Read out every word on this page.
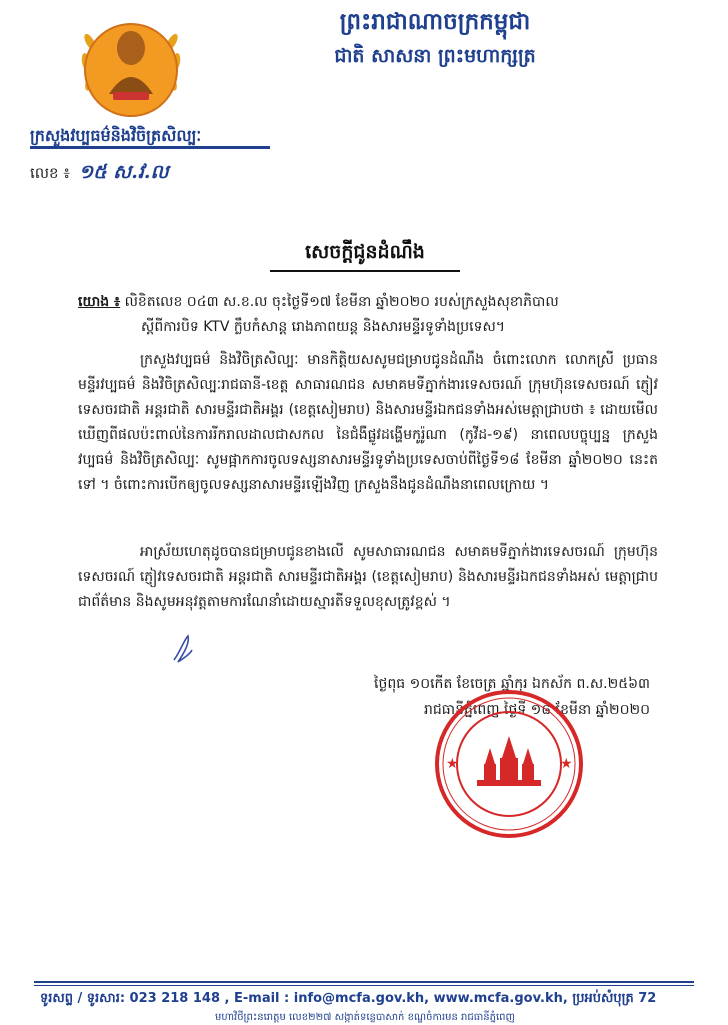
ព្រះរាជាណាចក្រកម្ពុជា
ជាតិ សាសនា ព្រះមហាក្សត្រ
ក្រសួងវប្បធម៌និងវិចិត្រសិល្បៈ
លេខ ៖ ១៥ ស.វ.ល
សេចក្តីជូនដំណឹង
យោង ៖ លិខិតលេខ ០៤៣ ស.ខ.ល ចុះថ្ងៃទី១៧ ខែមីនា ឆ្នាំ២០២០ របស់ក្រសួងសុខាភិបាល
ស្តីពីការបិទ KTV ក្លឹបកំសាន្ត រោងភាពយន្ត និងសារមន្ទីរទូទាំងប្រទេស។
ក្រសួងវប្បធម៌ និងវិចិត្រសិល្បៈ មានកិត្តិយសសូមជម្រាបជូនដំណឹង ចំពោះលោក លោកស្រី ប្រធានមន្ទីរវប្បធម៌ និងវិចិត្រសិល្បៈរាជធានី-ខេត្ត សាធារណជន សមាគមទីភ្នាក់ងារទេសចរណ៍ ក្រុមហ៊ុនទេសចរណ៍ ភ្ញៀវទេសចរជាតិ អន្តរជាតិ សារមន្ទីរជាតិអង្គរ (ខេត្តសៀមរាប) និងសារមន្ទីរឯកជនទាំងអស់មេត្តាជ្រាបថា ៖ ដោយមើលឃើញពីផលប៉ះពាល់នៃការរីករាលដាលជាសកល នៃជំងឺផ្លូវដង្ហើមកូរ៉ូណា (កូវីដ-១៩) នាពេលបច្ចុប្បន្ន ក្រសួងវប្បធម៌ និងវិចិត្រសិល្បៈ សូមផ្អាកការចូលទស្សនាសារមន្ទីរទូទាំងប្រទេសចាប់ពីថ្ងៃទី១៨ ខែមីនា ឆ្នាំ២០២០ នេះតទៅ ។ ចំពោះការបើកឲ្យចូលទស្សនាសារមន្ទីរឡើងវិញ ក្រសួងនឹងជូនដំណឹងនាពេលក្រោយ ។
អាស្រ័យហេតុដូចបានជម្រាបជូនខាងលើ សូមសាធារណជន សមាគមទីភ្នាក់ងារទេសចរណ៍ ក្រុមហ៊ុនទេសចរណ៍ ភ្ញៀវទេសចរជាតិ អន្តរជាតិ សារមន្ទីរជាតិអង្គរ (ខេត្តសៀមរាប) និងសារមន្ទីរឯកជនទាំងអស់ មេត្តាជ្រាបជាព័ត៌មាន និងសូមអនុវត្តតាមការណែនាំដោយស្មារតីទទួលខុសត្រូវខ្ពស់ ។
ថ្ងៃពុធ ១០កើត ខែចេត្រ ឆ្នាំកុរ ឯកស័ក ព.ស.២៥៦៣
រាជធានីភ្នំពេញ ថ្ងៃទី ១៨ ខែមីនា ឆ្នាំ២០២០
★	★
ទូរសព្ទ / ទូរសារ: 023 218 148 , E-mail : info@mcfa.gov.kh, www.mcfa.gov.kh, ប្រអប់សំបុត្រ 72
មហាវិថីព្រះនរោត្តម លេខ២២៧ សង្កាត់ទន្លេបាសាក់ ខណ្ឌចំការមន រាជធានីភ្នំពេញ
